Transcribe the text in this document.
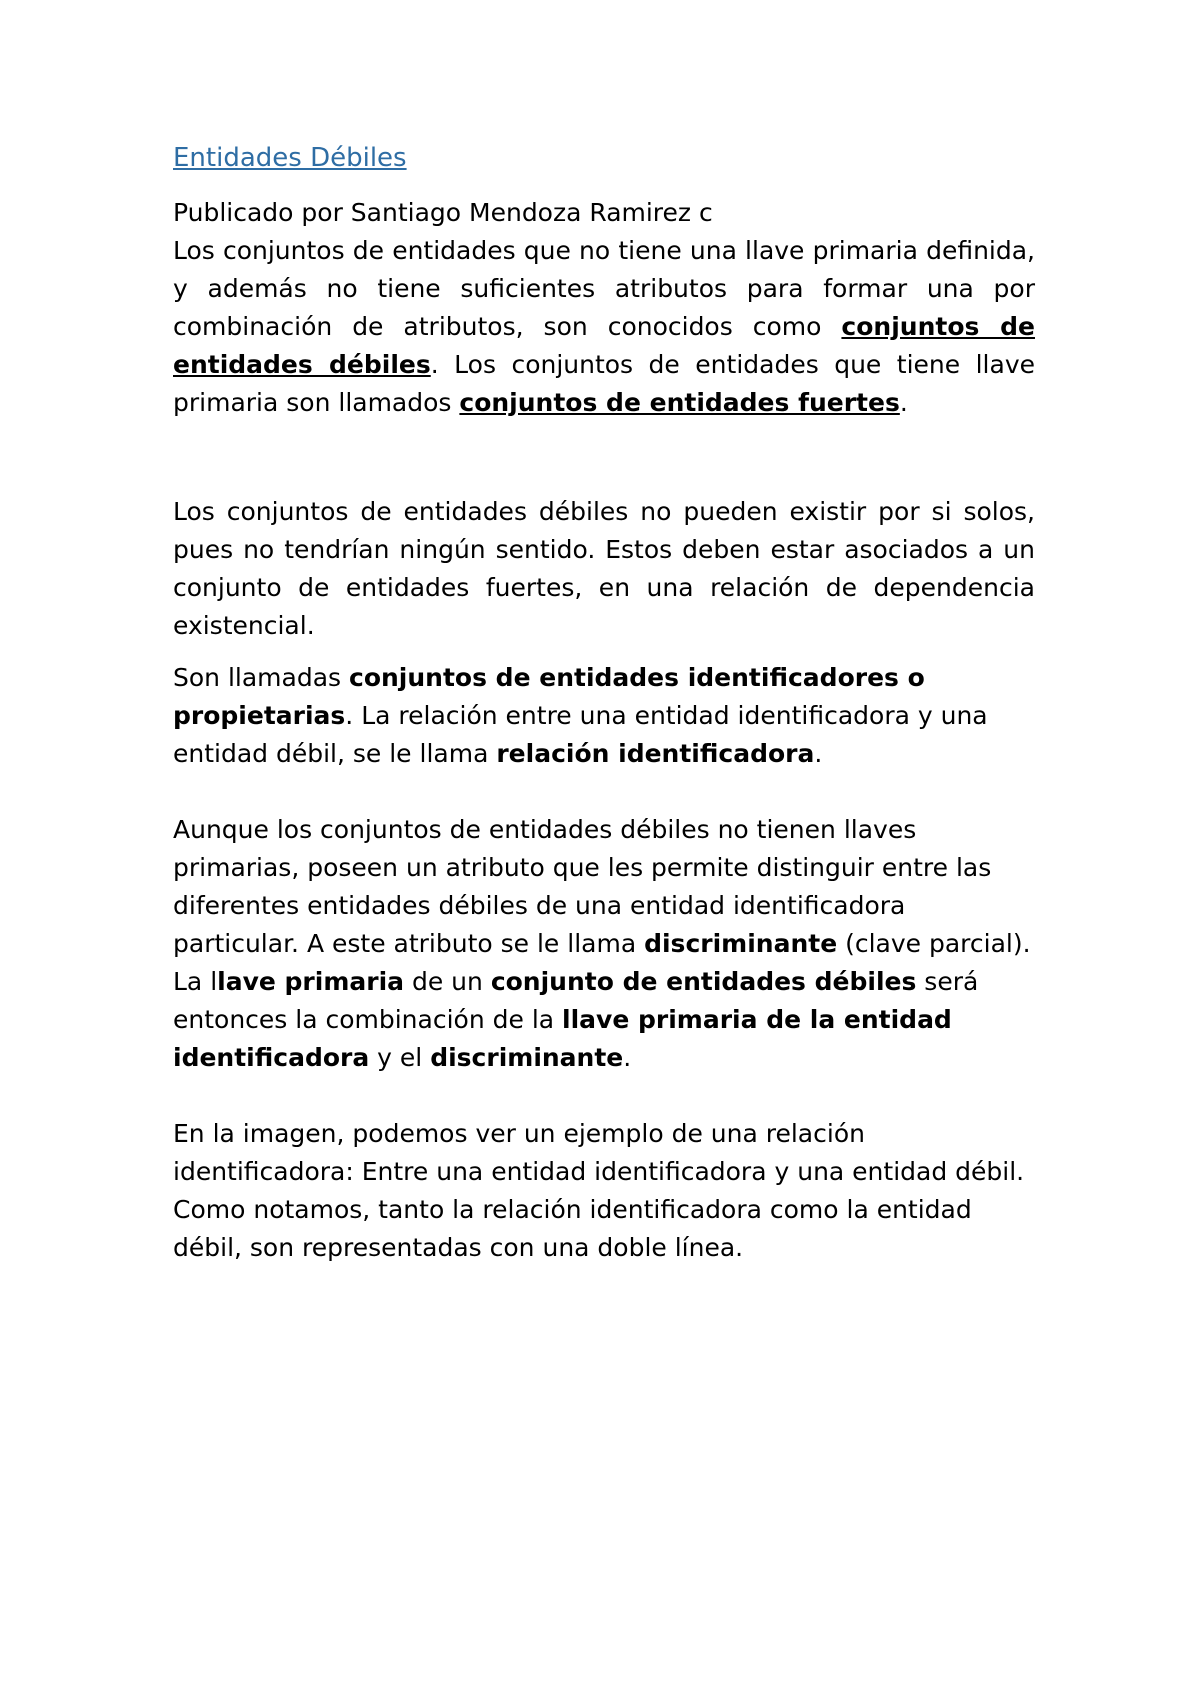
Entidades Débiles

Publicado por Santiago Mendoza Ramirez c

Los conjuntos de entidades que no tiene una llave primaria definida, y además no tiene suficientes atributos para formar una por combinación de atributos, son conocidos como conjuntos de entidades débiles. Los conjuntos de entidades que tiene llave primaria son llamados conjuntos de entidades fuertes.

Los conjuntos de entidades débiles no pueden existir por si solos, pues no tendrían ningún sentido. Estos deben estar asociados a un conjunto de entidades fuertes, en una relación de dependencia existencial.

Son llamadas conjuntos de entidades identificadores o propietarias. La relación entre una entidad identificadora y una entidad débil, se le llama relación identificadora.

Aunque los conjuntos de entidades débiles no tienen llaves primarias, poseen un atributo que les permite distinguir entre las diferentes entidades débiles de una entidad identificadora particular. A este atributo se le llama discriminante (clave parcial). La llave primaria de un conjunto de entidades débiles será entonces la combinación de la llave primaria de la entidad identificadora y el discriminante.

En la imagen, podemos ver un ejemplo de una relación identificadora: Entre una entidad identificadora y una entidad débil. Como notamos, tanto la relación identificadora como la entidad débil, son representadas con una doble línea.
